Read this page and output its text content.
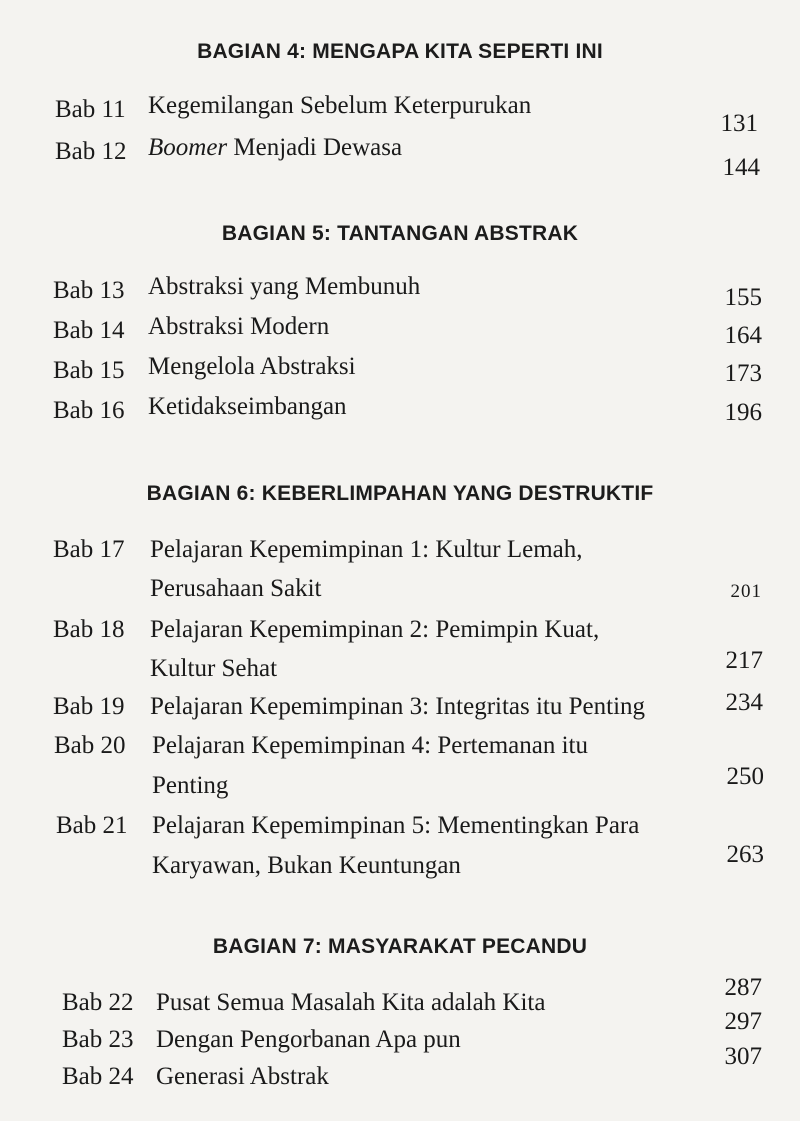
BAGIAN 4: MENGAPA KITA SEPERTI INI
Bab 11 Kegemilangan Sebelum Keterpurukan
131
Bab 12 Boomer Menjadi Dewasa
144
BAGIAN 5: TANTANGAN ABSTRAK
Bab 13 Abstraksi yang Membunuh	155
Bab 14 Abstraksi Modern	164
Bab 15 Mengelola Abstraksi	173
Bab 16 Ketidakseimbangan	196
BAGIAN 6: KEBERLIMPAHAN YANG DESTRUKTIF
Bab 17 Pelajaran Kepemimpinan 1: Kultur Lemah,
Perusahaan Sakit	201
Bab 18 Pelajaran Kepemimpinan 2: Pemimpin Kuat,
Kultur Sehat	217
Bab 19 Pelajaran Kepemimpinan 3: Integritas itu Penting	234
Bab 20 Pelajaran Kepemimpinan 4: Pertemanan itu
Penting	250
Bab 21 Pelajaran Kepemimpinan 5: Mementingkan Para
Karyawan, Bukan Keuntungan	263
BAGIAN 7: MASYARAKAT PECANDU
Bab 22 Pusat Semua Masalah Kita adalah Kita
287
Bab 23 Dengan Pengorbanan Apa pun
297
Bab 24 Generasi Abstrak
307
